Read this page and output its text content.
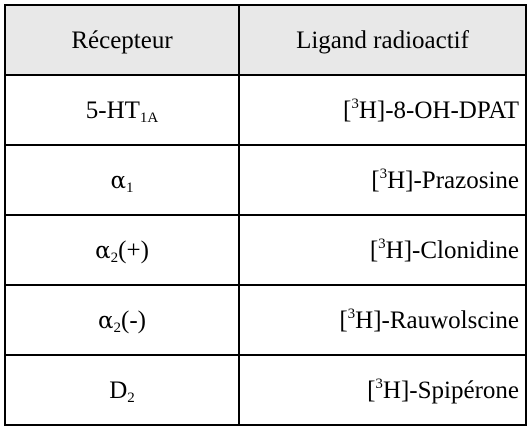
Récepteur	Ligand radioactif
$5-HT_{1A}$	[$^3$H]-8-OH-DPAT
$\alpha_1$	[$^3$H]-Prazosine
$\alpha_2(+)$	[$^3$H]-Clonidine
$\alpha_2(-)$	[$^3$H]-Rauwolscine
$D_2$	[$^3$H]-Spipérone
